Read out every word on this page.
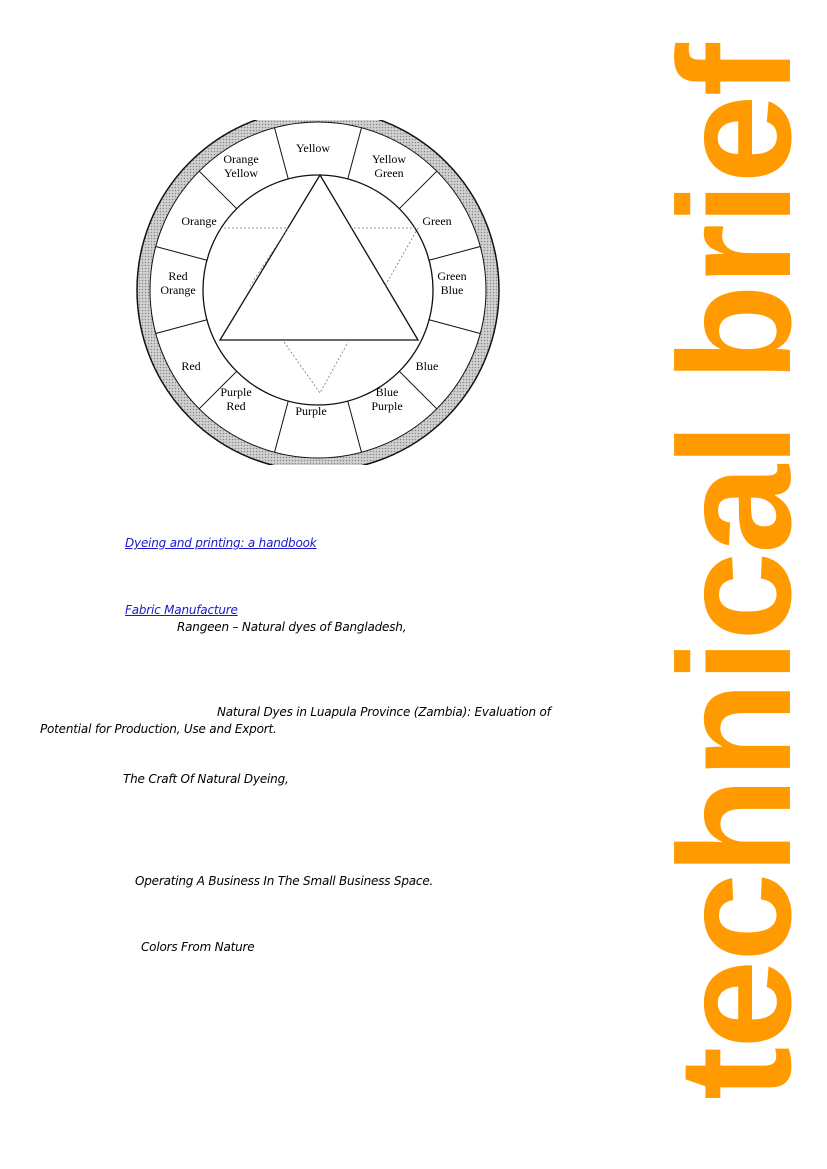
Yellow
Yellow Green
Green
Green Blue
Blue
Blue Purple
Purple
Purple Red
Red
Red Orange
Orange
Orange Yellow
Dyeing and printing: a handbook
Fabric Manufacture
Rangeen – Natural dyes of Bangladesh,
Natural Dyes in Luapula Province (Zambia): Evaluation of
Potential for Production, Use and Export.
The Craft Of Natural Dyeing,
Operating A Business In The Small Business Space.
Colors From Nature technical brief
